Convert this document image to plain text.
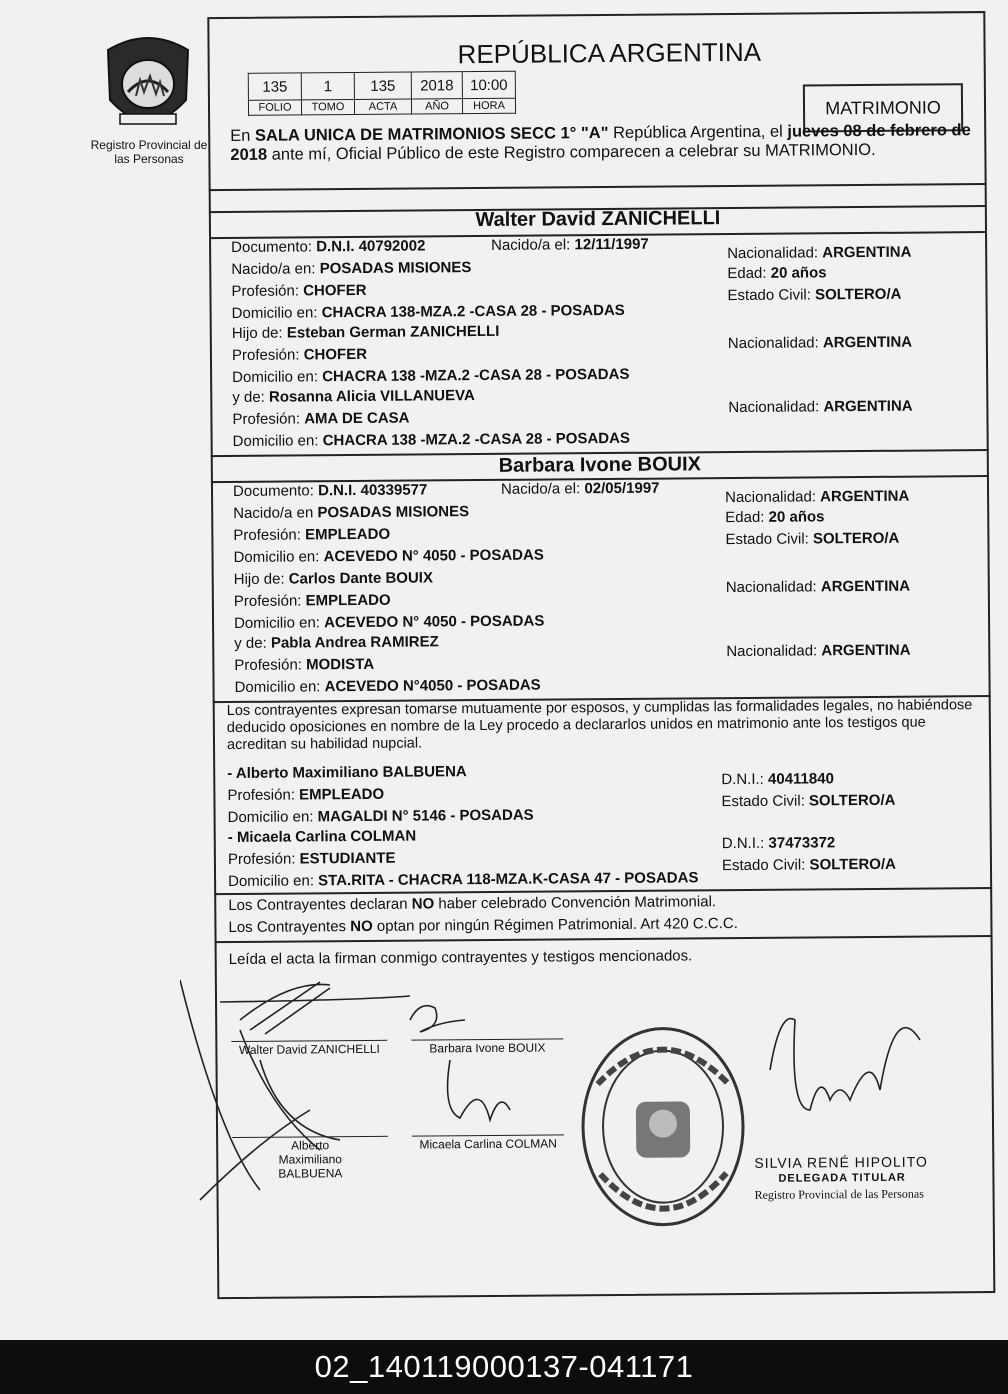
Registro Provincial de las Personas
REPÚBLICA ARGENTINA
135	1	135	2018	10:00
FOLIO	TOMO	ACTA	AÑO	HORA	MATRIMONIO
En SALA UNICA DE MATRIMONIOS SECC 1° "A" República Argentina, el jueves 08 de febrero de 2018 ante mí, Oficial Público de este Registro comparecen a celebrar su MATRIMONIO.
Walter David ZANICHELLI
Documento: D.N.I. 40792002	Nacido/a el: 12/11/1997
Nacido/a en: POSADAS MISIONES
Profesión: CHOFER
Domicilio en: CHACRA 138-MZA.2 -CASA 28 - POSADAS
Nacionalidad: ARGENTINA
Edad: 20 años
Estado Civil: SOLTERO/A
Hijo de: Esteban German ZANICHELLI
Profesión: CHOFER
Domicilio en: CHACRA 138 -MZA.2 -CASA 28 - POSADAS
Nacionalidad: ARGENTINA
y de: Rosanna Alicia VILLANUEVA
Profesión: AMA DE CASA
Domicilio en: CHACRA 138 -MZA.2 -CASA 28 - POSADAS
Nacionalidad: ARGENTINA
Barbara Ivone BOUIX
Documento: D.N.I. 40339577	Nacido/a el: 02/05/1997
Nacido/a en POSADAS MISIONES
Profesión: EMPLEADO
Domicilio en: ACEVEDO N° 4050 - POSADAS
Nacionalidad: ARGENTINA
Edad: 20 años
Estado Civil: SOLTERO/A
Hijo de: Carlos Dante BOUIX
Profesión: EMPLEADO
Domicilio en: ACEVEDO N° 4050 - POSADAS
Nacionalidad: ARGENTINA
y de: Pabla Andrea RAMIREZ
Profesión: MODISTA
Domicilio en: ACEVEDO N°4050 - POSADAS
Nacionalidad: ARGENTINA
Los contrayentes expresan tomarse mutuamente por esposos, y cumplidas las formalidades legales, no habiéndose deducido oposiciones en nombre de la Ley procedo a declararlos unidos en matrimonio ante los testigos que acreditan su habilidad nupcial.
- Alberto Maximiliano BALBUENA
Profesión: EMPLEADO
Domicilio en: MAGALDI N° 5146 - POSADAS
D.N.I.: 40411840
Estado Civil: SOLTERO/A
- Micaela Carlina COLMAN
Profesión: ESTUDIANTE
Domicilio en: STA.RITA - CHACRA 118-MZA.K-CASA 47 - POSADAS
D.N.I.: 37473372
Estado Civil: SOLTERO/A
Los Contrayentes declaran NO haber celebrado Convención Matrimonial.
Los Contrayentes NO optan por ningún Régimen Patrimonial. Art 420 C.C.C.
Leída el acta la firman conmigo contrayentes y testigos mencionados.
Walter David ZANICHELLI	Barbara Ivone BOUIX
Alberto Maximiliano BALBUENA
Micaela Carlina COLMAN
SILVIA RENÉ HIPOLITO
DELEGADA TITULAR
Registro Provincial de las Personas
02_140119000137-041171
